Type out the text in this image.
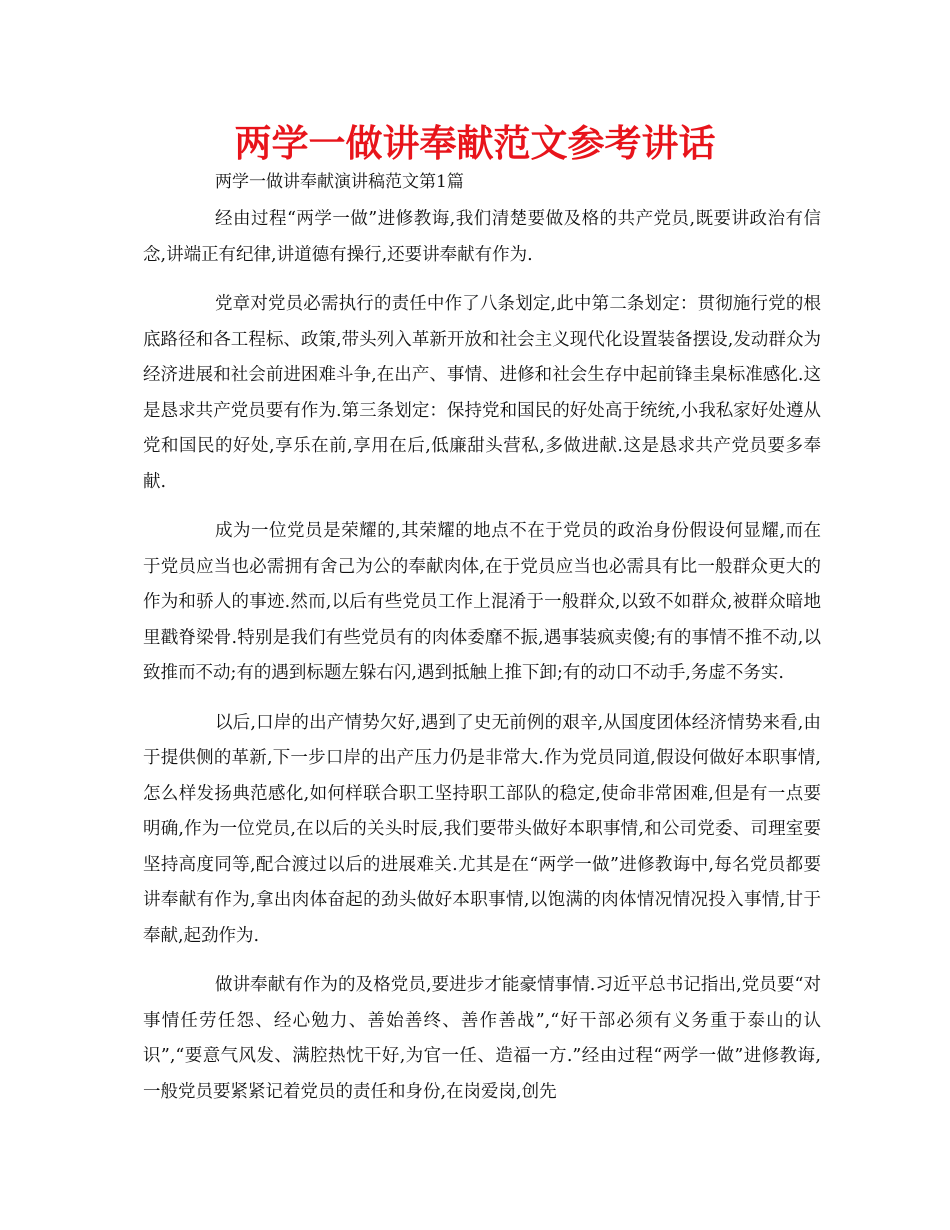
两学一做讲奉献范文参考讲话

两学一做讲奉献演讲稿范文第1篇

经由过程“两学一做”进修教诲,我们清楚要做及格的共产党员,既要讲政治有信念,讲端正有纪律,讲道德有操行,还要讲奉献有作为.

党章对党员必需执行的责任中作了八条划定,此中第二条划定：贯彻施行党的根底路径和各工程标、政策,带头列入革新开放和社会主义现代化设置装备摆设,发动群众为经济进展和社会前进困难斗争,在出产、事情、进修和社会生存中起前锋圭臬标准感化.这是恳求共产党员要有作为.第三条划定：保持党和国民的好处高于统统,小我私家好处遵从党和国民的好处,享乐在前,享用在后,低廉甜头营私,多做进献.这是恳求共产党员要多奉献.

成为一位党员是荣耀的,其荣耀的地点不在于党员的政治身份假设何显耀,而在于党员应当也必需拥有舍己为公的奉献肉体,在于党员应当也必需具有比一般群众更大的作为和骄人的事迹.然而,以后有些党员工作上混淆于一般群众,以致不如群众,被群众暗地里戳脊梁骨.特别是我们有些党员有的肉体委靡不振,遇事装疯卖傻;有的事情不推不动,以致推而不动;有的遇到标题左躲右闪,遇到抵触上推下卸;有的动口不动手,务虚不务实.

以后,口岸的出产情势欠好,遇到了史无前例的艰辛,从国度团体经济情势来看,由于提供侧的革新,下一步口岸的出产压力仍是非常大.作为党员同道,假设何做好本职事情,怎么样发扬典范感化,如何样联合职工坚持职工部队的稳定,使命非常困难,但是有一点要明确,作为一位党员,在以后的关头时辰,我们要带头做好本职事情,和公司党委、司理室要坚持高度同等,配合渡过以后的进展难关.尤其是在“两学一做”进修教诲中,每名党员都要讲奉献有作为,拿出肉体奋起的劲头做好本职事情,以饱满的肉体情况情况投入事情,甘于奉献,起劲作为.

做讲奉献有作为的及格党员,要进步才能豪情事情.习近平总书记指出,党员要“对事情任劳任怨、经心勉力、善始善终、善作善战”,“好干部必须有义务重于泰山的认识”,“要意气风发、满腔热忱干好,为官一任、造福一方.”经由过程“两学一做”进修教诲,一般党员要紧紧记着党员的责任和身份,在岗爱岗,创先
